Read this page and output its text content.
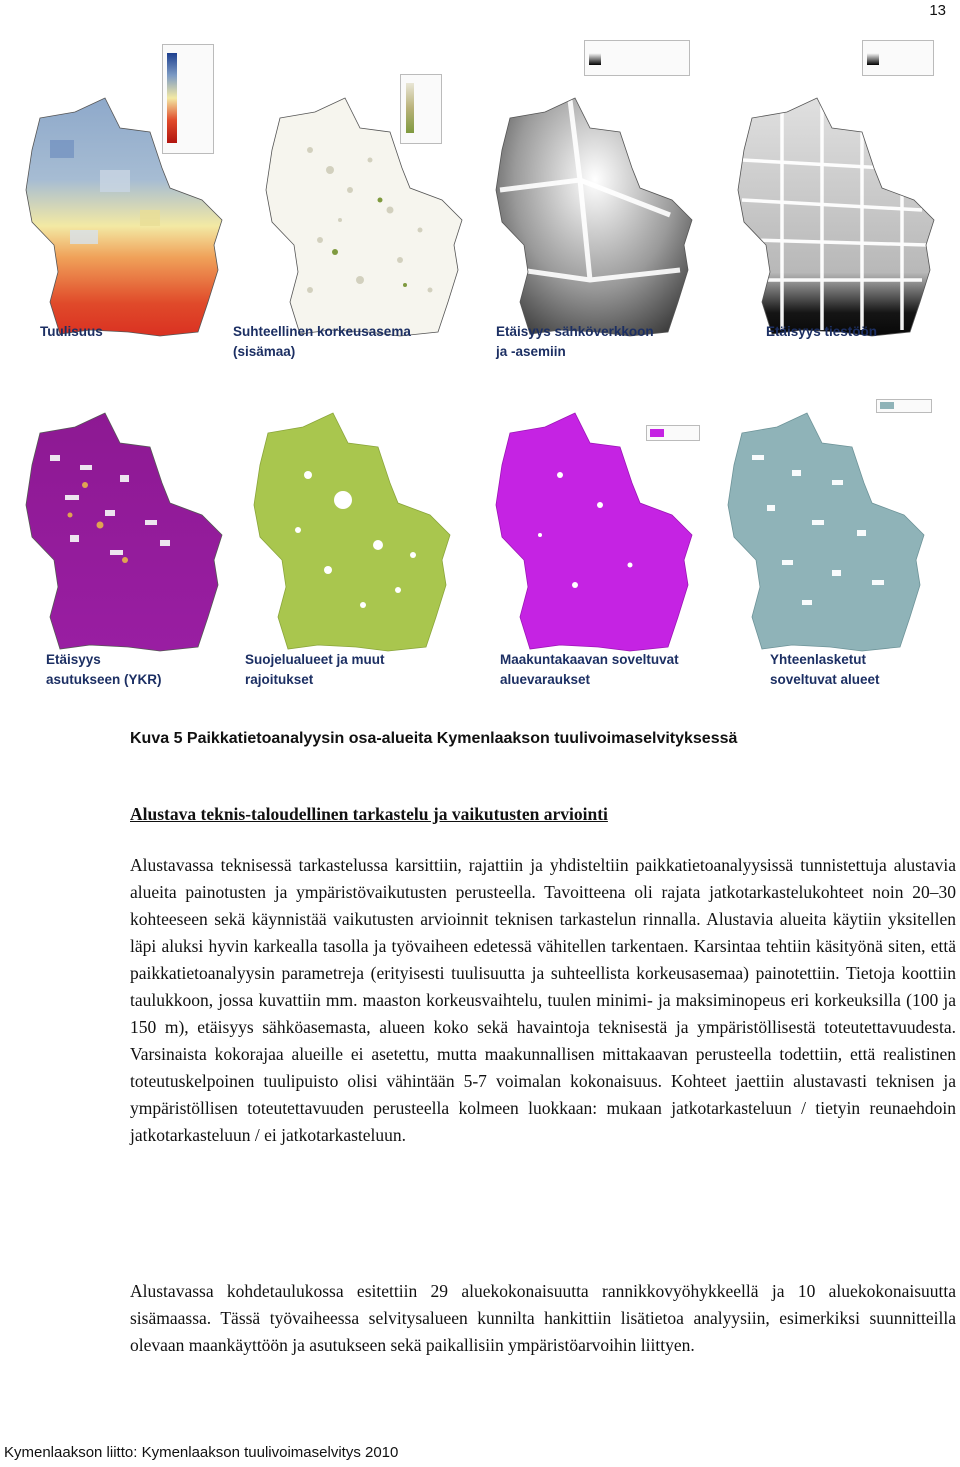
13
Tuulisuus	Suhteellinen korkeusasema
(sisämaa)
Etäisyys sähköverkkoon
ja -asemiin
Etäisyys tiestöön
Etäisyys
asutukseen (YKR)
Suojelualueet ja muut
rajoitukset
Maakuntakaavan soveltuvat
aluevaraukset
Yhteenlasketut
soveltuvat alueet
Kuva 5 Paikkatietoanalyysin osa-alueita Kymenlaakson tuulivoimaselvityksessä
Alustava teknis-taloudellinen tarkastelu ja vaikutusten arviointi

Alustavassa teknisessä tarkastelussa karsittiin, rajattiin ja yhdisteltiin paikkatietoanalyysissä tunnistettuja alustavia alueita painotusten ja ympäristövaikutusten perusteella. Tavoitteena oli rajata jatkotarkastelukohteet noin 20–30 kohteeseen sekä käynnistää vaikutusten arvioinnit teknisen tarkastelun rinnalla. Alustavia alueita käytiin yksitellen läpi aluksi hyvin karkealla tasolla ja työvaiheen edetessä vähitellen tarkentaen. Karsintaa tehtiin käsityönä siten, että paikkatietoanalyysin parametreja (erityisesti tuulisuutta ja suhteellista korkeusasemaa) painotettiin. Tietoja koottiin taulukkoon, jossa kuvattiin mm. maaston korkeusvaihtelu, tuulen minimi- ja maksiminopeus eri korkeuksilla (100 ja 150 m), etäisyys sähköasemasta, alueen koko sekä havaintoja teknisestä ja ympäristöllisestä toteutettavuudesta. Varsinaista kokorajaa alueille ei asetettu, mutta maakunnallisen mittakaavan perusteella todettiin, että realistinen toteutuskelpoinen tuulipuisto olisi vähintään 5-7 voimalan kokonaisuus. Kohteet jaettiin alustavasti teknisen ja ympäristöllisen toteutettavuuden perusteella kolmeen luokkaan: mukaan jatkotarkasteluun / tietyin reunaehdoin jatkotarkasteluun / ei jatkotarkasteluun.

Alustavassa kohdetaulukossa esitettiin 29 aluekokonaisuutta rannikkovyöhykkeellä ja 10 aluekokonaisuutta sisämaassa. Tässä työvaiheessa selvitysalueen kunnilta hankittiin lisätietoa analyysiin, esimerkiksi suunnitteilla olevaan maankäyttöön ja asutukseen sekä paikallisiin ympäristöarvoihin liittyen.

Kymenlaakson liitto: Kymenlaakson tuulivoimaselvitys 2010
